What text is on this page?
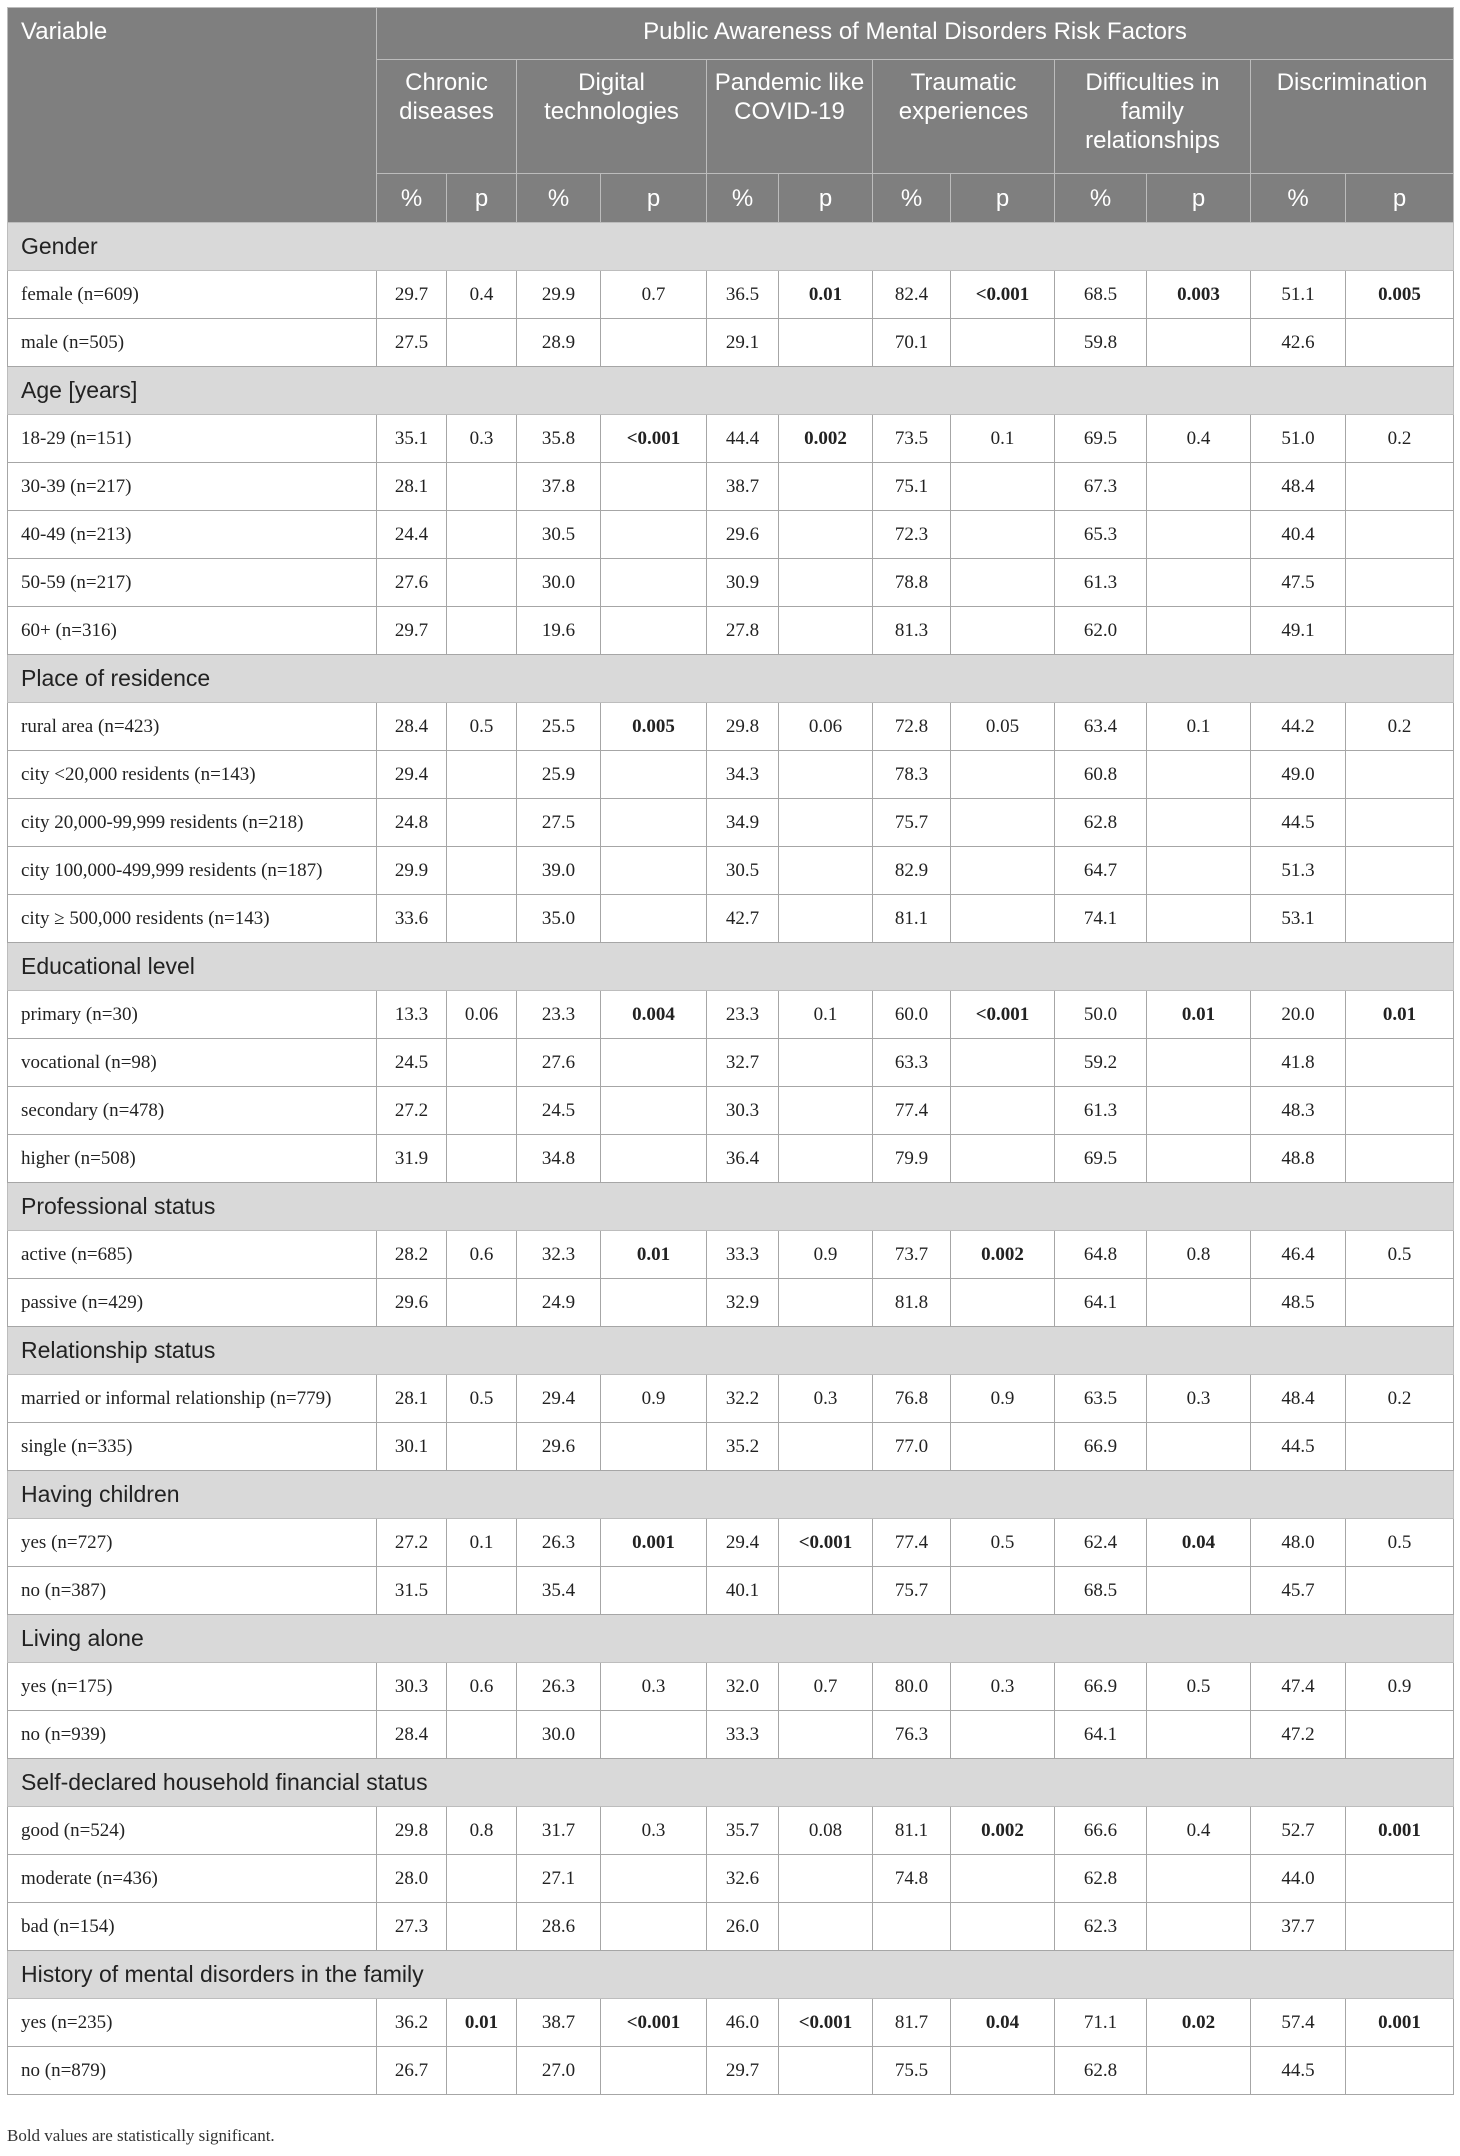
Variable	Public Awareness of Mental Disorders Risk Factors											
	Chronic diseases		Digital technologies		Pandemic like COVID-19		Traumatic experiences		Difficulties in family relationships		Discrimination	
	%	p	%	p	%	p	%	p	%	p	%	p
Gender												
female (n=609)	29.7	0.4	29.9	0.7	36.5	0.01	82.4	<0.001	68.5	0.003	51.1	0.005
male (n=505)	27.5		28.9		29.1		70.1		59.8		42.6	
Age [years]												
18-29 (n=151)	35.1	0.3	35.8	<0.001	44.4	0.002	73.5	0.1	69.5	0.4	51.0	0.2
30-39 (n=217)	28.1		37.8		38.7		75.1		67.3		48.4	
40-49 (n=213)	24.4		30.5		29.6		72.3		65.3		40.4	
50-59 (n=217)	27.6		30.0		30.9		78.8		61.3		47.5	
60+ (n=316)	29.7		19.6		27.8		81.3		62.0		49.1	
Place of residence												
rural area (n=423)	28.4	0.5	25.5	0.005	29.8	0.06	72.8	0.05	63.4	0.1	44.2	0.2
city <20,000 residents (n=143)	29.4		25.9		34.3		78.3		60.8		49.0	
city 20,000-99,999 residents (n=218)	24.8		27.5		34.9		75.7		62.8		44.5	
city 100,000-499,999 residents (n=187)	29.9		39.0		30.5		82.9		64.7		51.3	
city ≥ 500,000 residents (n=143)	33.6		35.0		42.7		81.1		74.1		53.1	
Educational level												
primary (n=30)	13.3	0.06	23.3	0.004	23.3	0.1	60.0	<0.001	50.0	0.01	20.0	0.01
vocational (n=98)	24.5		27.6		32.7		63.3		59.2		41.8	
secondary (n=478)	27.2		24.5		30.3		77.4		61.3		48.3	
higher (n=508)	31.9		34.8		36.4		79.9		69.5		48.8	
Professional status												
active (n=685)	28.2	0.6	32.3	0.01	33.3	0.9	73.7	0.002	64.8	0.8	46.4	0.5
passive (n=429)	29.6		24.9		32.9		81.8		64.1		48.5	
Relationship status												
married or informal relationship (n=779)	28.1	0.5	29.4	0.9	32.2	0.3	76.8	0.9	63.5	0.3	48.4	0.2
single (n=335)	30.1		29.6		35.2		77.0		66.9		44.5	
Having children												
yes (n=727)	27.2	0.1	26.3	0.001	29.4	<0.001	77.4	0.5	62.4	0.04	48.0	0.5
no (n=387)	31.5		35.4		40.1		75.7		68.5		45.7	
Living alone												
yes (n=175)	30.3	0.6	26.3	0.3	32.0	0.7	80.0	0.3	66.9	0.5	47.4	0.9
no (n=939)	28.4		30.0		33.3		76.3		64.1		47.2	
Self-declared household financial status												
good (n=524)	29.8	0.8	31.7	0.3	35.7	0.08	81.1	0.002	66.6	0.4	52.7	0.001
moderate (n=436)	28.0		27.1		32.6		74.8		62.8		44.0	
bad (n=154)	27.3		28.6		26.0				62.3		37.7	
History of mental disorders in the family												
yes (n=235)	36.2	0.01	38.7	<0.001	46.0	<0.001	81.7	0.04	71.1	0.02	57.4	0.001
no (n=879)	26.7		27.0		29.7		75.5		62.8		44.5	
Bold values are statistically significant.
